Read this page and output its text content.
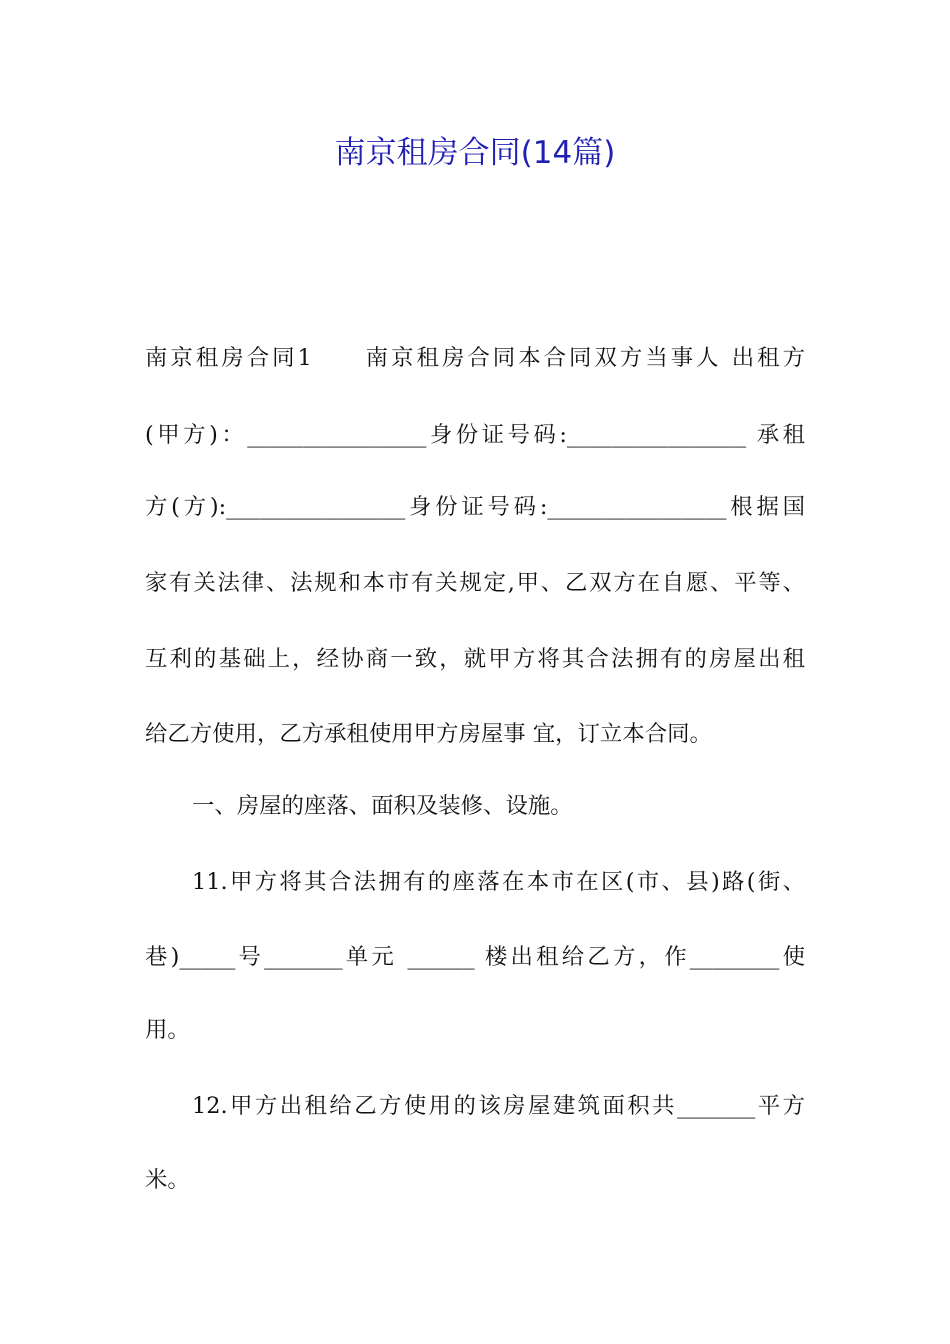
南京租房合同(14篇)
南京租房合同1　　南京租房合同本合同双方当事人 出租方
(甲方)：________________身份证号码:________________ 承租
方(方):________________身份证号码:________________根据国
家有关法律、法规和本市有关规定,甲、乙双方在自愿、平等、
互利的基础上，经协商一致，就甲方将其合法拥有的房屋出租
给乙方使用，乙方承租使用甲方房屋事 宜，订立本合同。
一、房屋的座落、面积及装修、设施。
11.甲方将其合法拥有的座落在本市在区(市、县)路(街、
巷)_____号_______单元 ______ 楼出租给乙方，作________使
用。
12.甲方出租给乙方使用的该房屋建筑面积共_______平方
米。
